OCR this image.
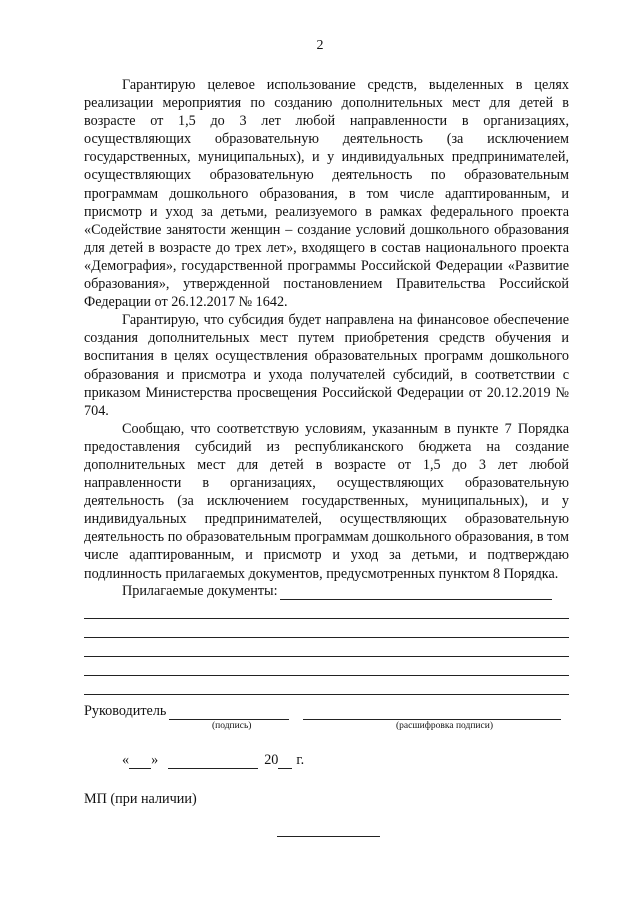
2

Гарантирую целевое использование средств, выделенных в целях реализации мероприятия по созданию дополнительных мест для детей в возрасте от 1,5 до 3 лет любой направленности в организациях, осуществляющих образовательную деятельность (за исключением государственных, муниципальных), и у индивидуальных предпринимателей, осуществляющих образовательную деятельность по образовательным программам дошкольного образования, в том числе адаптированным, и присмотр и уход за детьми, реализуемого в рамках федерального проекта «Содействие занятости женщин – создание условий дошкольного образования для детей в возрасте до трех лет», входящего в состав национального проекта «Демография», государственной программы Российской Федерации «Развитие образования», утвержденной постановлением Правительства Российской Федерации от 26.12.2017 № 1642.

Гарантирую, что субсидия будет направлена на финансовое обеспечение создания дополнительных мест путем приобретения средств обучения и воспитания в целях осуществления образовательных программ дошкольного образования и присмотра и ухода получателей субсидий, в соответствии с приказом Министерства просвещения Российской Федерации от 20.12.2019 № 704.

Сообщаю, что соответствую условиям, указанным в пункте 7 Порядка предоставления субсидий из республиканского бюджета на создание дополнительных мест для детей в возрасте от 1,5 до 3 лет любой направленности в организациях, осуществляющих образовательную деятельность (за исключением государственных, муниципальных), и у индивидуальных предпринимателей, осуществляющих образовательную деятельность по образовательным программам дошкольного образования, в том числе адаптированным, и присмотр и уход за детьми, и подтверждаю подлинность прилагаемых документов, предусмотренных пунктом 8 Порядка.

Прилагаемые документы:
Руководитель
(подпись)	(расшифровка подписи)
« »	20 г.
МП (при наличии)
